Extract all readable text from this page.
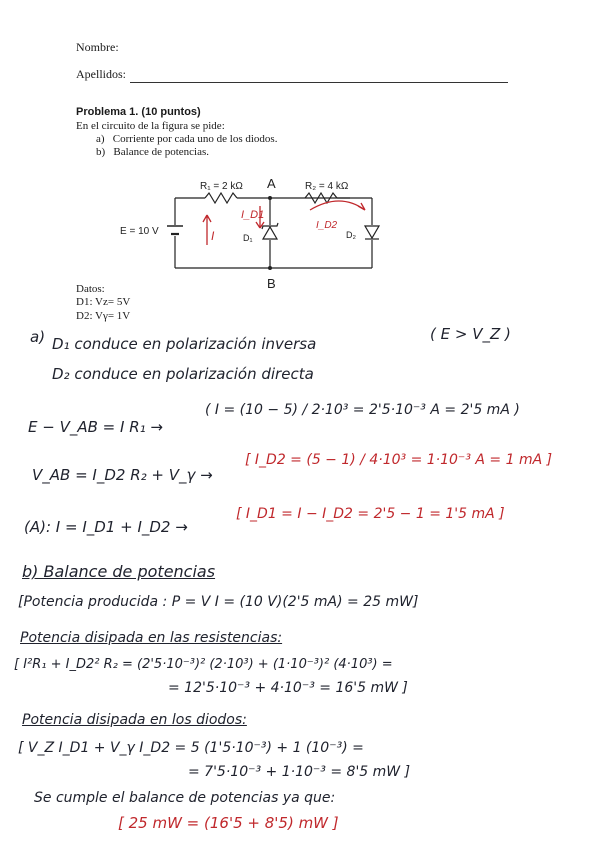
Nombre:
Apellidos:
Problema 1. (10 puntos)
En el circuito de la figura se pide:
a) Corriente por cada uno de los diodos.
b) Balance de potencias.
R₁ = 2 kΩ	R₂ = 4 kΩ
A
B
E = 10 V
D₁	D₂
I
I_D1
I_D2
Datos:
D1: Vz= 5V
D2: Vγ= 1V
a) D₁ conduce en polarización inversa
( E > V_Z )
D₂ conduce en polarización directa
E − V_AB = I R₁ →
( I = (10 − 5) / 2·10³ = 2'5·10⁻³ A = 2'5 mA )
V_AB = I_D2 R₂ + V_γ →
[ I_D2 = (5 − 1) / 4·10³ = 1·10⁻³ A = 1 mA ]
(A): I = I_D1 + I_D2 →
[ I_D1 = I − I_D2 = 2'5 − 1 = 1'5 mA ]
b) Balance de potencias
[Potencia producida : P = V I = (10 V)(2'5 mA) = 25 mW]
Potencia disipada en las resistencias:
[ I²R₁ + I_D2² R₂ = (2'5·10⁻³)² (2·10³) + (1·10⁻³)² (4·10³) =
= 12'5·10⁻³ + 4·10⁻³ = 16'5 mW ]
Potencia disipada en los diodos:
[ V_Z I_D1 + V_γ I_D2 = 5 (1'5·10⁻³) + 1 (10⁻³) =
= 7'5·10⁻³ + 1·10⁻³ = 8'5 mW ]
Se cumple el balance de potencias ya que:
[ 25 mW = (16'5 + 8'5) mW ]
